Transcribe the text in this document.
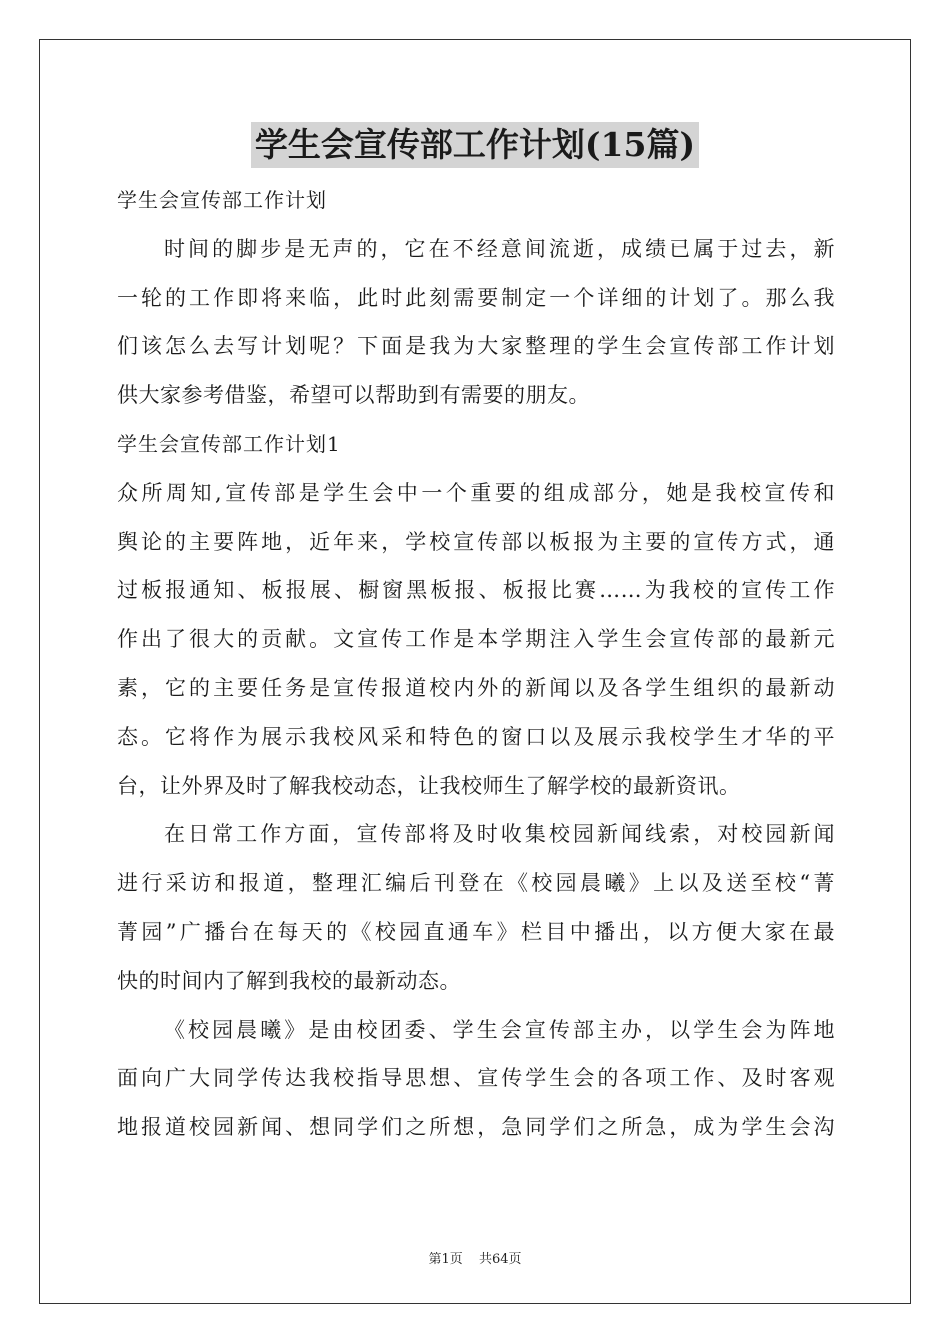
学生会宣传部工作计划(15篇)
学生会宣传部工作计划
时间的脚步是无声的，它在不经意间流逝，成绩已属于过去，新
一轮的工作即将来临，此时此刻需要制定一个详细的计划了。那么我
们该怎么去写计划呢？下面是我为大家整理的学生会宣传部工作计划
供大家参考借鉴，希望可以帮助到有需要的朋友。
学生会宣传部工作计划1
众所周知,宣传部是学生会中一个重要的组成部分，她是我校宣传和
舆论的主要阵地，近年来，学校宣传部以板报为主要的宣传方式，通
过板报通知、板报展、橱窗黑板报、板报比赛……为我校的宣传工作
作出了很大的贡献。文宣传工作是本学期注入学生会宣传部的最新元
素，它的主要任务是宣传报道校内外的新闻以及各学生组织的最新动
态。它将作为展示我校风采和特色的窗口以及展示我校学生才华的平
台，让外界及时了解我校动态，让我校师生了解学校的最新资讯。
在日常工作方面，宣传部将及时收集校园新闻线索，对校园新闻
进行采访和报道，整理汇编后刊登在《校园晨曦》上以及送至校“菁
菁园”广播台在每天的《校园直通车》栏目中播出，以方便大家在最
快的时间内了解到我校的最新动态。
《校园晨曦》是由校团委、学生会宣传部主办，以学生会为阵地
面向广大同学传达我校指导思想、宣传学生会的各项工作、及时客观
地报道校园新闻、想同学们之所想，急同学们之所急，成为学生会沟
第1页 共64页
